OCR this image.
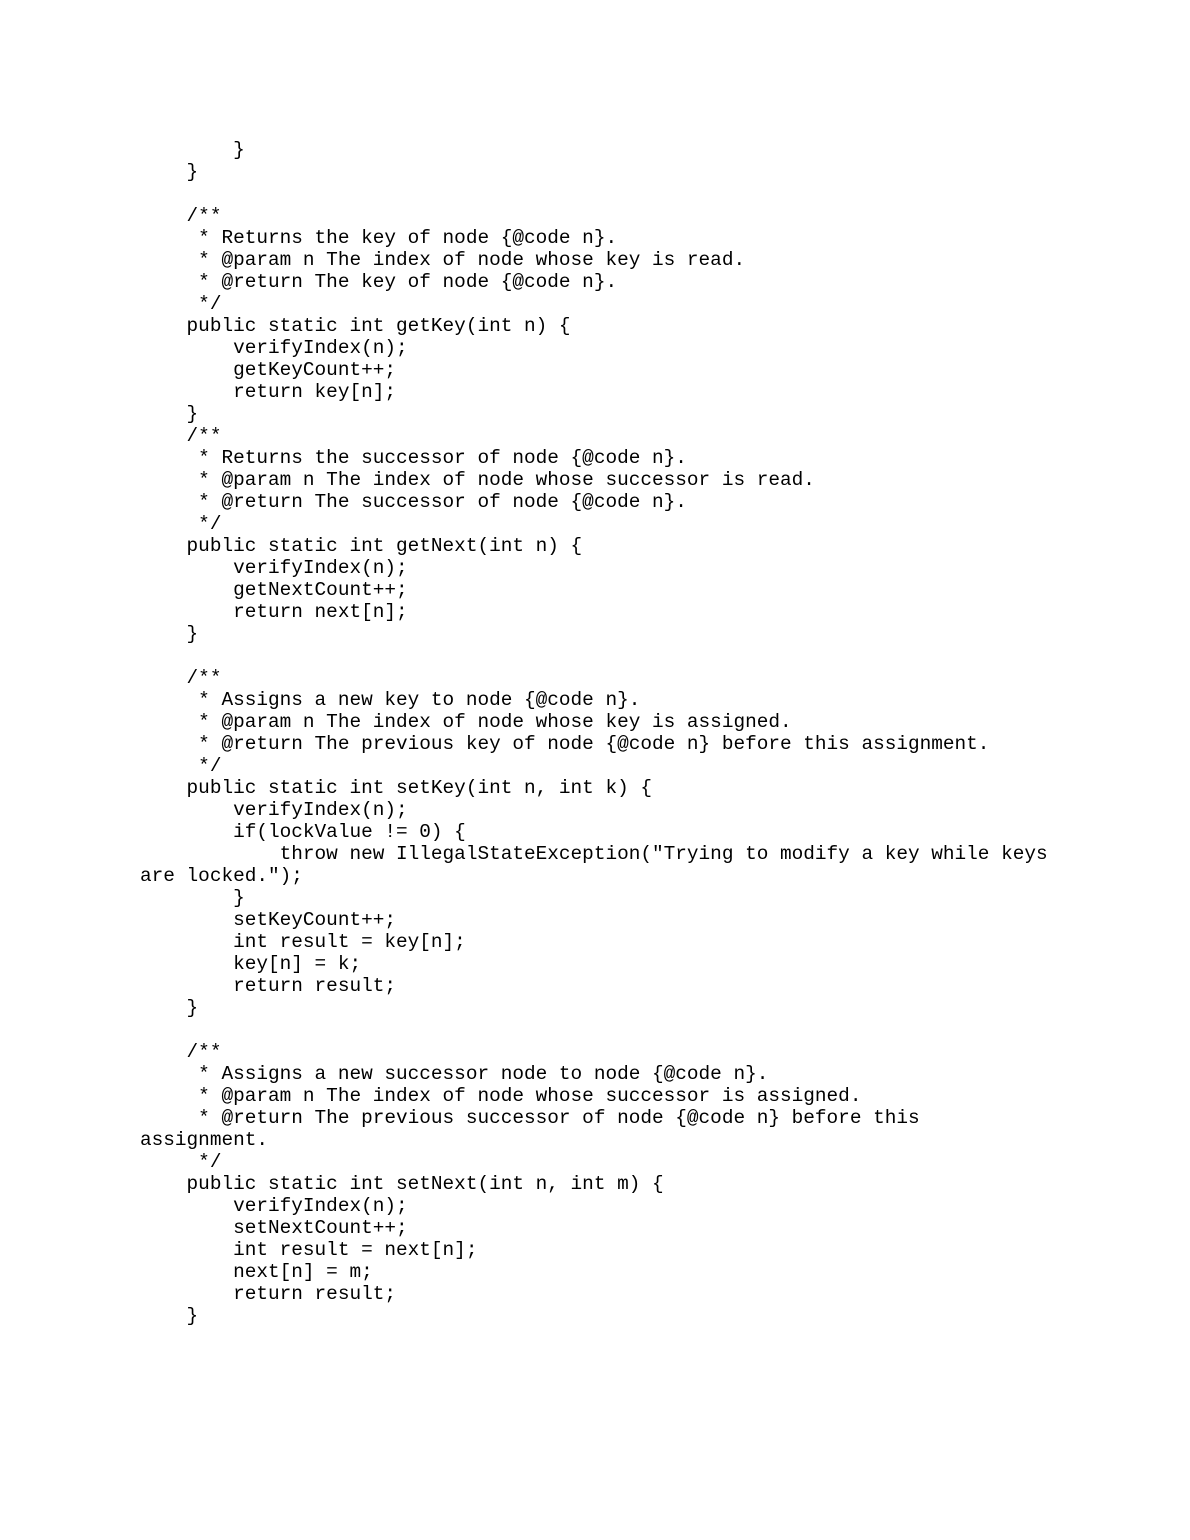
}
}
/**
* Returns the key of node {@code n}.
* @param n The index of node whose key is read.
* @return The key of node {@code n}.
*/
public static int getKey(int n) {
verifyIndex(n);
getKeyCount++;
return key[n];
}
/**
* Returns the successor of node {@code n}.
* @param n The index of node whose successor is read.
* @return The successor of node {@code n}.
*/
public static int getNext(int n) {
verifyIndex(n);
getNextCount++;
return next[n];
}
/**
* Assigns a new key to node {@code n}.
* @param n The index of node whose key is assigned.
* @return The previous key of node {@code n} before this assignment.
*/
public static int setKey(int n, int k) {
verifyIndex(n);
if(lockValue != 0) {
throw new IllegalStateException("Trying to modify a key while keys
are locked.");
}
setKeyCount++;
int result = key[n];
key[n] = k;
return result;
}
/**
* Assigns a new successor node to node {@code n}.
* @param n The index of node whose successor is assigned.
* @return The previous successor of node {@code n} before this
assignment.
*/
public static int setNext(int n, int m) {
verifyIndex(n);
setNextCount++;
int result = next[n];
next[n] = m;
return result;
}
